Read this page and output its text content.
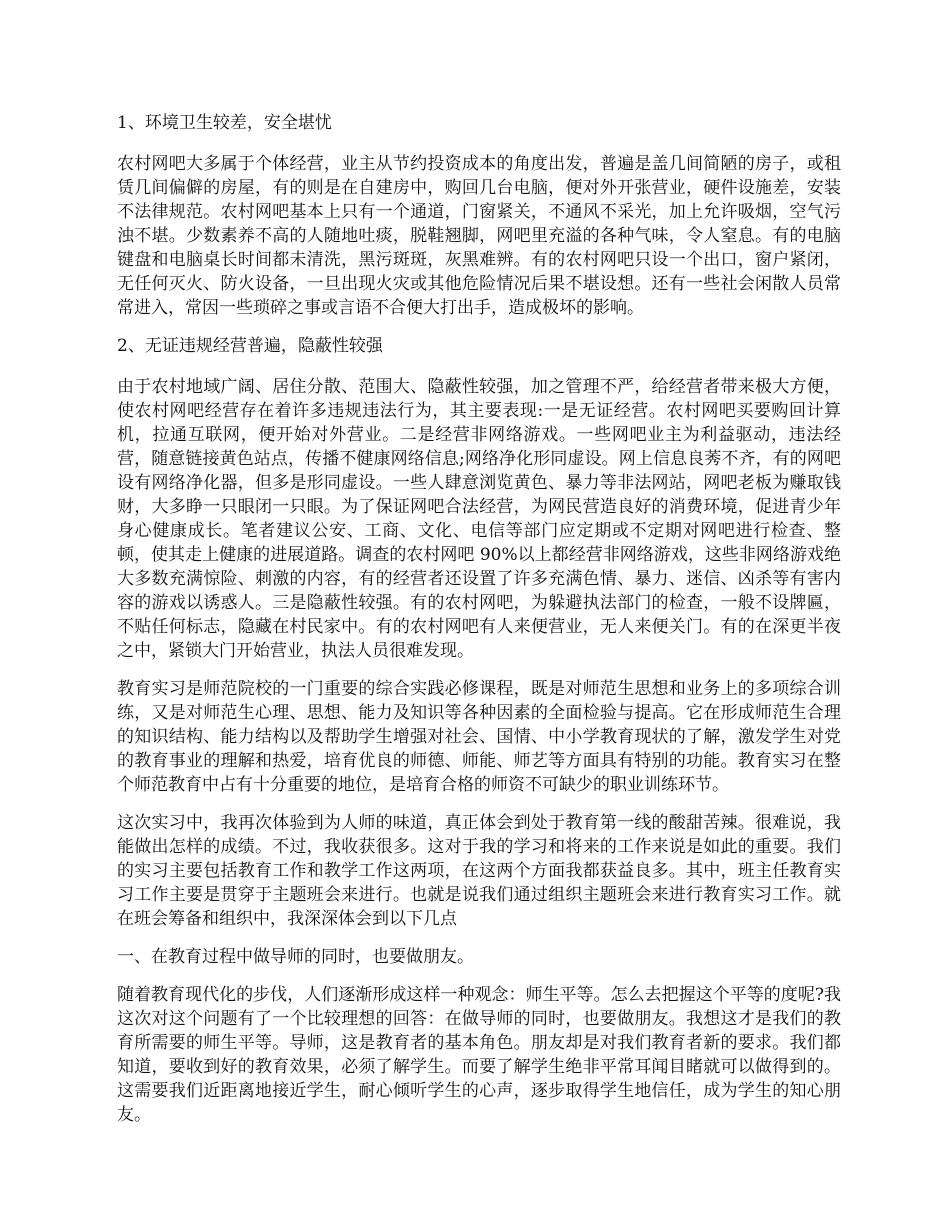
1、环境卫生较差，安全堪忧

农村网吧大多属于个体经营，业主从节约投资成本的角度出发，普遍是盖几间简陋的房子，或租赁几间偏僻的房屋，有的则是在自建房中，购回几台电脑，便对外开张营业，硬件设施差，安装不法律规范。农村网吧基本上只有一个通道，门窗紧关，不通风不采光，加上允许吸烟，空气污浊不堪。少数素养不高的人随地吐痰，脱鞋翘脚，网吧里充溢的各种气味，令人窒息。有的电脑键盘和电脑桌长时间都未清洗，黑污斑斑，灰黑难辨。有的农村网吧只设一个出口，窗户紧闭，无任何灭火、防火设备，一旦出现火灾或其他危险情况后果不堪设想。还有一些社会闲散人员常常进入，常因一些琐碎之事或言语不合便大打出手，造成极坏的影响。

2、无证违规经营普遍，隐蔽性较强

由于农村地域广阔、居住分散、范围大、隐蔽性较强，加之管理不严，给经营者带来极大方便，使农村网吧经营存在着许多违规违法行为，其主要表现:一是无证经营。农村网吧买要购回计算机，拉通互联网，便开始对外营业。二是经营非网络游戏。一些网吧业主为利益驱动，违法经营，随意链接黄色站点，传播不健康网络信息;网络净化形同虚设。网上信息良莠不齐，有的网吧设有网络净化器，但多是形同虚设。一些人肆意浏览黄色、暴力等非法网站，网吧老板为赚取钱财，大多睁一只眼闭一只眼。为了保证网吧合法经营，为网民营造良好的消费环境，促进青少年身心健康成长。笔者建议公安、工商、文化、电信等部门应定期或不定期对网吧进行检查、整顿，使其走上健康的进展道路。调查的农村网吧 90%以上都经营非网络游戏，这些非网络游戏绝大多数充满惊险、刺激的内容，有的经营者还设置了许多充满色情、暴力、迷信、凶杀等有害内容的游戏以诱惑人。三是隐蔽性较强。有的农村网吧，为躲避执法部门的检查，一般不设牌匾，不贴任何标志，隐藏在村民家中。有的农村网吧有人来便营业，无人来便关门。有的在深更半夜之中，紧锁大门开始营业，执法人员很难发现。

教育实习是师范院校的一门重要的综合实践必修课程，既是对师范生思想和业务上的多项综合训练，又是对师范生心理、思想、能力及知识等各种因素的全面检验与提高。它在形成师范生合理的知识结构、能力结构以及帮助学生增强对社会、国情、中小学教育现状的了解，激发学生对党的教育事业的理解和热爱，培育优良的师德、师能、师艺等方面具有特别的功能。教育实习在整个师范教育中占有十分重要的地位，是培育合格的师资不可缺少的职业训练环节。

这次实习中，我再次体验到为人师的味道，真正体会到处于教育第一线的酸甜苦辣。很难说，我能做出怎样的成绩。不过，我收获很多。这对于我的学习和将来的工作来说是如此的重要。我们的实习主要包括教育工作和教学工作这两项，在这两个方面我都获益良多。其中，班主任教育实习工作主要是贯穿于主题班会来进行。也就是说我们通过组织主题班会来进行教育实习工作。就在班会筹备和组织中，我深深体会到以下几点

一、在教育过程中做导师的同时，也要做朋友。

随着教育现代化的步伐，人们逐渐形成这样一种观念：师生平等。怎么去把握这个平等的度呢?我这次对这个问题有了一个比较理想的回答：在做导师的同时，也要做朋友。我想这才是我们的教育所需要的师生平等。导师，这是教育者的基本角色。朋友却是对我们教育者新的要求。我们都知道，要收到好的教育效果，必须了解学生。而要了解学生绝非平常耳闻目睹就可以做得到的。这需要我们近距离地接近学生，耐心倾听学生的心声，逐步取得学生地信任，成为学生的知心朋友。
